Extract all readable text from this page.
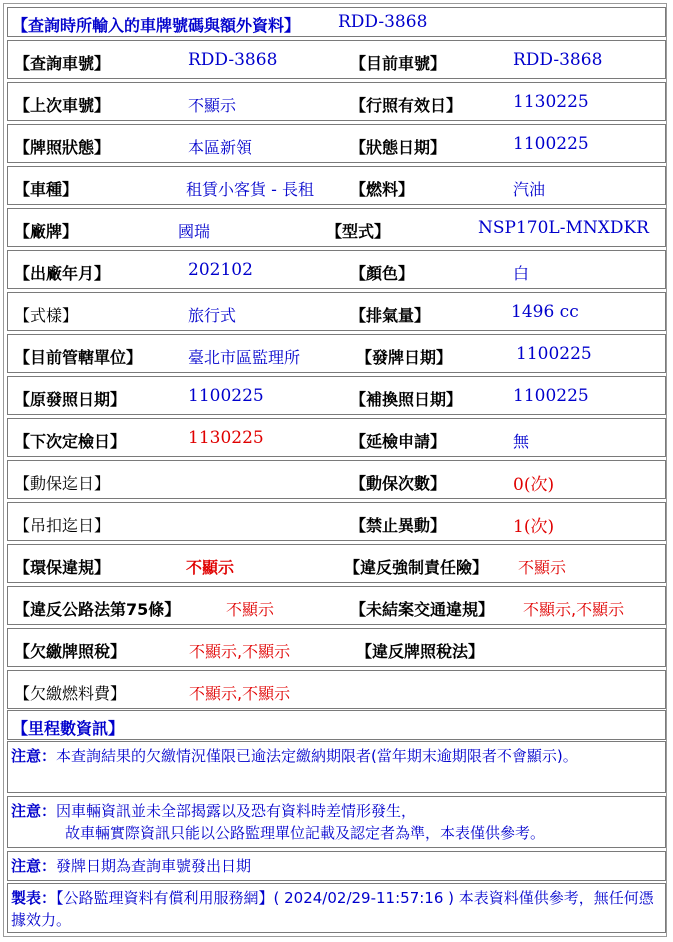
【查詢時所輸入的車牌號碼與額外資料】 RDD-3868
【查詢車號】	RDD-3868	【目前車號】	RDD-3868
【上次車號】	不顯示	【行照有效日】	1130225
【牌照狀態】	本區新領	【狀態日期】	1100225
【車種】	租賃小客貨 - 長租 【燃料】	汽油
【廠牌】	國瑞	【型式】	NSP170L-MNXDKR
【出廠年月】	202102	【顏色】	白
【式樣】	旅行式	【排氣量】	1496 cc
【目前管轄單位】	臺北市區監理所	【發牌日期】	1100225
【原發照日期】	1100225	【補換照日期】	1100225
【下次定檢日】	1130225	【延檢申請】	無
【動保迄日】	【動保次數】	0(次)
【吊扣迄日】	【禁止異動】	1(次)
【環保違規】	不顯示	【違反強制責任險】 不顯示
【違反公路法第75條】	不顯示	【未結案交通違規】 不顯示,不顯示
【欠繳牌照稅】	不顯示,不顯示	【違反牌照稅法】
【欠繳燃料費】	不顯示,不顯示
【里程數資訊】
注意：本查詢結果的欠繳情況僅限已逾法定繳納期限者(當年期末逾期限者不會顯示)。
注意：因車輛資訊並未全部揭露以及恐有資料時差情形發生，
故車輛實際資訊只能以公路監理單位記載及認定者為準，本表僅供參考。
注意：發牌日期為查詢車號發出日期
製表：【公路監理資料有償利用服務網】( 2024/02/29-11:57:16 ) 本表資料僅供參考，無任何憑據效力。
